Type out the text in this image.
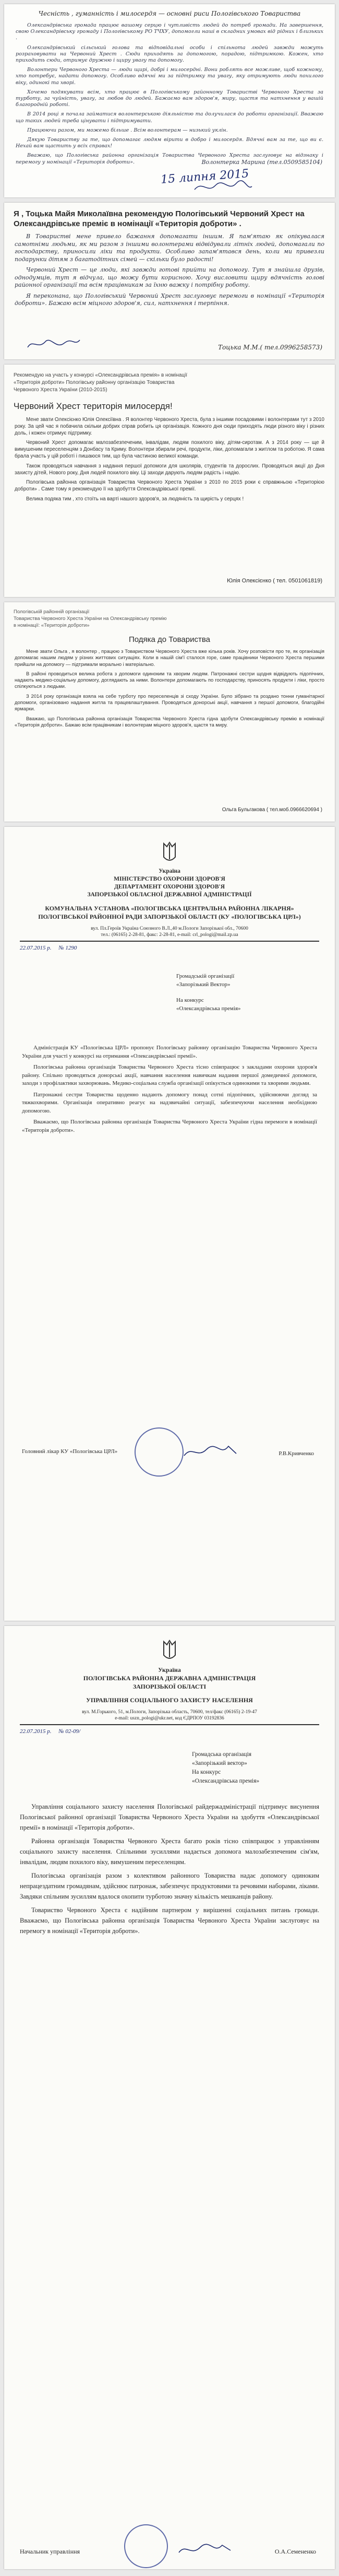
Чесність , гуманність і милосердя — основні риси Пологівського Товариства

Олександрівська громада працює вашому серцю і чутливість людей до потреб громади. На завершення, свою Олександрівську громаду і Пологівському РО ТЧХУ, допомогли наші в складних умовах від рідних і близьких .

Олександрівський сільський голова та відповідальні особи і спільнота людей завжди можуть розраховувати на Червоний Хрест . Сюди приходять за допомогою, порадою, підтримкою. Кожен, хто приходить сюди, отримує дружню і щиру увагу та допомогу.

Волонтери Червоного Хреста — люди щирі, добрі і милосердні. Вони роблять все можливе, щоб кожному, хто потребує, надати допомогу. Особливо вдячні ми за підтримку та увагу, яку отримують люди похилого віку, одинокі та хворі.

Хочемо подякувати всім, хто працює в Пологівському районному Товаристві Червоного Хреста за турботу, за чуйність, увагу, за любов до людей. Бажаємо вам здоров'я, миру, щастя та натхнення у вашій благородній роботі.

В 2014 році я почала займатися волонтерською діяльністю та долучилася до роботи організації. Вважаю що таких людей треба цінувати і підтримувати.

Працюючи разом, ми можемо більше . Всім волонтерам — низький уклін.

Дякую Товариству за те, що допомагає людям вірити в добро і милосердя. Вдячні вам за те, що ви є. Нехай вам щастить у всіх справах!

Вважаю, що Пологівська районна організація Товариства Червоного Хреста заслуговує на відзнаку і перемогу у номінації «Територія доброти».	Волонтерка Марина (тел.0509585104)
15 липня 2015
Я , Тоцька Майя Миколаївна рекомендую Пологівський Червоний Хрест на Олександрівське преміє в номінації «Територія доброти» .

В Товаристві мене привело бажання допомагати іншим. Я пам'ятаю як опікувалася самотніми людьми, як ми разом з іншими волонтерами відвідували літніх людей, допомагали по господарству, приносили ліки та продукти. Особливо запам'ятався день, коли ми привезли подарунки дітям з багатодітних сімей — скільки було радості!

Червоний Хрест — це люди, які завжди готові прийти на допомогу. Тут я знайшла друзів, однодумців, тут я відчула, що можу бути корисною. Хочу висловити щиру вдячність голові районної організації та всім працівникам за їхню важку і потрібну роботу.

Я переконана, що Пологівський Червоний Хрест заслуговує перемоги в номінації «Територія доброти». Бажаю всім міцного здоров'я, сил, натхнення і терпіння.

Тоцька М.М.( тел.0996258573)
Рекомендую на участь у конкурсі «Олександрівська премія» в номінації
«Територія доброти» Пологівську районну організацію Товариства
Червоного Хреста України (2010-2015)
Червоний Хрест територія милосердя!

Мене звати Олексієнко Юлія Олексіївна . Я волонтер Червоного Хреста, була з іншими посадовими і волонтерами тут з 2010 року. За цей час я побачила скільки добрих справ робить ця організація. Кожного дня сюди приходять люди різного віку і різних доль, і кожен отримує підтримку.

Червоний Хрест допомагає малозабезпеченим, інвалідам, людям похилого віку, дітям-сиротам. А з 2014 року — ще й вимушеним переселенцям з Донбасу та Криму. Волонтери збирали речі, продукти, ліки, допомагали з житлом та роботою. Я сама брала участь у цій роботі і пишаюся тим, що була частиною великої команди.

Також проводяться навчання з надання першої допомоги для школярів, студентів та дорослих. Проводяться акції до Дня захисту дітей, Нового року, Дня людей похилого віку. Ці заходи дарують людям радість і надію.

Пологівська районна організація Товариства Червоного Хреста України з 2010 по 2015 роки є справжньою «Територією доброти» . Саме тому я рекомендую її на здобуття Олександрівської премії.

Велика подяка тим , хто стоїть на варті нашого здоров'я, за людяність та щирість у серцях !

Юлія Олексієнко ( тел. 0501061819)
Пологівській районній організації
Товариства Червоного Хреста України на Олександрівську премію
в номінації: «Територія доброти»
Подяка до Товариства

Мене звати Ольга , я волонтер , працюю з Товариством Червоного Хреста вже кілька років. Хочу розповісти про те, як організація допомагає нашим людям у різних життєвих ситуаціях. Коли в нашій сім'ї сталося горе, саме працівники Червоного Хреста першими прийшли на допомогу — підтримали морально і матеріально.

В районі проводиться велика робота з допомоги одиноким та хворим людям. Патронажні сестри щодня відвідують підопічних, надають медико-соціальну допомогу, доглядають за ними. Волонтери допомагають по господарству, приносять продукти і ліки, просто спілкуються з людьми.

З 2014 року організація взяла на себе турботу про переселенців зі сходу України. Було зібрано та роздано тонни гуманітарної допомоги, організовано надання житла та працевлаштування. Проводяться донорські акції, навчання з першої допомоги, благодійні ярмарки.

Вважаю, що Пологівська районна організація Товариства Червоного Хреста гідна здобути Олександрівську премію в номінації «Територія доброти». Бажаю всім працівникам і волонтерам міцного здоров'я, щастя та миру.

Ольга Бульгакова ( тел.моб.0966620694 )
Україна
МІНІСТЕРСТВО ОХОРОНИ ЗДОРОВ'Я
ДЕПАРТАМЕНТ ОХОРОНИ ЗДОРОВ'Я
ЗАПОРІЗЬКОЇ ОБЛАСНОЇ ДЕРЖАВНОЇ АДМІНІСТРАЦІЇ
КОМУНАЛЬНА УСТАНОВА «ПОЛОГІВСЬКА ЦЕНТРАЛЬНА РАЙОННА ЛІКАРНЯ» ПОЛОГІВСЬКОЇ РАЙОННОЇ РАДИ ЗАПОРІЗЬКОЇ ОБЛАСТІ (КУ «ПОЛОГІВСЬКА ЦРЛ»)
вул. Пл.Героїв Україна Союзного В.Л.,40 м.Пологи Запорізької обл., 70600
тел.: (06165) 2-28-81, факс: 2-28-81, e-mail: crl_pologi@mail.zp.ua
22.07.2015 р. № 1290
Громадській організації
«Запорізький Вектор»
На конкурс
«Олександрівська премія»

Адміністрація КУ «Пологівська ЦРЛ» пропонує Пологівську районну організацію Товариства Червоного Хреста України для участі у конкурсі на отримання «Олександрівської премії».

Пологівська районна організація Товариства Червоного Хреста тісно співпрацює з закладами охорони здоров'я району. Спільно проводяться донорські акції, навчання населення навичкам надання першої домедичної допомоги, заходи з профілактики захворювань. Медико-соціальна служба організації опікується одинокими та хворими людьми.

Патронажні сестри Товариства щоденно надають допомогу понад сотні підопічних, здійснюючи догляд за тяжкохворими. Організація оперативно реагує на надзвичайні ситуації, забезпечуючи населення необхідною допомогою.

Вважаємо, що Пологівська районна організація Товариства Червоного Хреста України гідна перемоги в номінації «Територія доброти».

Головний лікар КУ «Пологівська ЦРЛ»	Р.В.Кривченко
Україна
ПОЛОГІВСЬКА РАЙОННА ДЕРЖАВНА АДМІНІСТРАЦІЯ
ЗАПОРІЗЬКОЇ ОБЛАСТІ
УПРАВЛІННЯ СОЦІАЛЬНОГО ЗАХИСТУ НАСЕЛЕННЯ
вул. М.Горького, 51, м.Пологи, Запорізька область, 70600, тел/факс (06165) 2-19-47
e-mail: uszn_pologi@ukr.net, код ЄДРПОУ 03192836
22.07.2015 р. № 02-09/
Громадська організація
«Запорізький вектор»
На конкурс
«Олександрівська премія»

Управління соціального захисту населення Пологівської райдержадміністрації підтримує висунення Пологівської районної організації Товариства Червоного Хреста України на здобуття «Олександрівської премії» в номінації «Територія доброти».

Районна організація Товариства Червоного Хреста багато років тісно співпрацює з управлінням соціального захисту населення. Спільними зусиллями надається допомога малозабезпеченим сім'ям, інвалідам, людям похилого віку, вимушеним переселенцям.

Пологівська організація разом з колективом районного Товариства надає допомогу одиноким непрацездатним громадянам, здійснює патронаж, забезпечує продуктовими та речовими наборами, ліками. Завдяки спільним зусиллям вдалося охопити турботою значну кількість мешканців району.

Товариство Червоного Хреста є надійним партнером у вирішенні соціальних питань громади. Вважаємо, що Пологівська районна організація Товариства Червоного Хреста України заслуговує на перемогу в номінації «Територія доброти».

Начальник управління	О.А.Семененко
